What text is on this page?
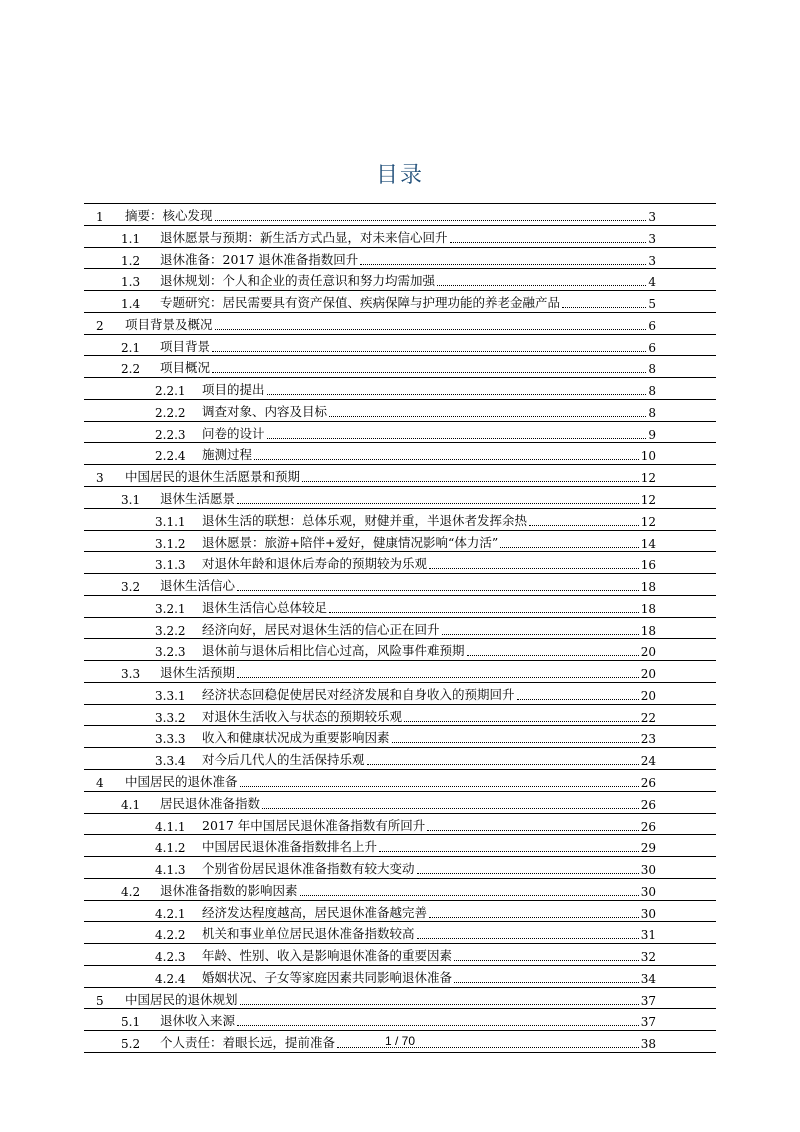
目录
1 摘要：核心发现	3
1.1 退休愿景与预期：新生活方式凸显，对未来信心回升	3
1.2 退休准备：2017 退休准备指数回升	3
1.3 退休规划：个人和企业的责任意识和努力均需加强	4
1.4 专题研究：居民需要具有资产保值、疾病保障与护理功能的养老金融产品	5
2 项目背景及概况	6
2.1 项目背景	6
2.2 项目概况	8
2.2.1 项目的提出	8
2.2.2 调查对象、内容及目标	8
2.2.3 问卷的设计	9
2.2.4 施测过程	10
3 中国居民的退休生活愿景和预期	12
3.1 退休生活愿景	12
3.1.1 退休生活的联想：总体乐观，财健并重，半退休者发挥余热	12
3.1.2 退休愿景：旅游+陪伴+爱好，健康情况影响“体力活”	14
3.1.3 对退休年龄和退休后寿命的预期较为乐观	16
3.2 退休生活信心	18
3.2.1 退休生活信心总体较足	18
3.2.2 经济向好，居民对退休生活的信心正在回升	18
3.2.3 退休前与退休后相比信心过高，风险事件难预期	20
3.3 退休生活预期	20
3.3.1 经济状态回稳促使居民对经济发展和自身收入的预期回升	20
3.3.2 对退休生活收入与状态的预期较乐观	22
3.3.3 收入和健康状况成为重要影响因素	23
3.3.4 对今后几代人的生活保持乐观	24
4 中国居民的退休准备	26
4.1 居民退休准备指数	26
4.1.1 2017 年中国居民退休准备指数有所回升	26
4.1.2 中国居民退休准备指数排名上升	29
4.1.3 个别省份居民退休准备指数有较大变动	30
4.2 退休准备指数的影响因素	30
4.2.1 经济发达程度越高，居民退休准备越完善	30
4.2.2 机关和事业单位居民退休准备指数较高	31
4.2.3 年龄、性别、收入是影响退休准备的重要因素	32
4.2.4 婚姻状况、子女等家庭因素共同影响退休准备	34
5 中国居民的退休规划	37
5.1 退休收入来源	37
5.2 个人责任：着眼长远，提前准备	38
1 / 70
